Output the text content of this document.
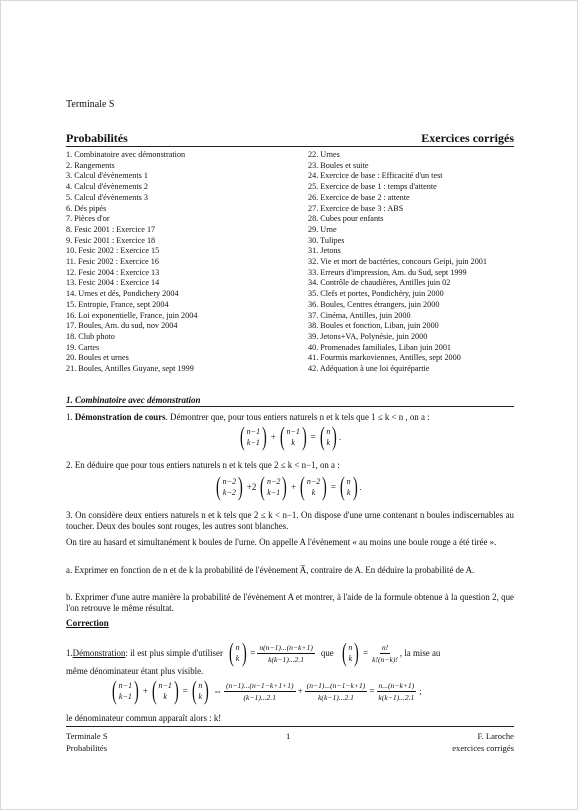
Terminale S
Probabilités	Exercices corrigés
1. Combinatoire avec démonstration
2. Rangements
3. Calcul d'évènements 1
4. Calcul d'évènements 2
5. Calcul d'évènements 3
6. Dés pipés
7. Pièces d'or
8. Fesic 2001 : Exercice 17
9. Fesic 2001 : Exercice 18
10. Fesic 2002 : Exercice 15
11. Fesic 2002 : Exercice 16
12. Fesic 2004 : Exercice 13
13. Fesic 2004 : Exercice 14
14. Urnes et dés, Pondichery 2004
15. Entropie, France, sept 2004
16. Loi exponentielle, France, juin 2004
17. Boules, Am. du sud, nov 2004
18. Club photo
19. Cartes
20. Boules et urnes
21. Boules, Antilles Guyane, sept 1999
22. Urnes
23. Boules et suite
24. Exercice de base : Efficacité d'un test
25. Exercice de base 1 : temps d'attente
26. Exercice de base 2 : attente
27. Exercice de base 3 : ABS
28. Cubes pour enfants
29. Urne
30. Tulipes
31. Jetons
32. Vie et mort de bactéries, concours Geipi, juin 2001
33. Erreurs d'impression, Am. du Sud, sept 1999
34. Contrôle de chaudières, Antilles juin 02
35. Clefs et portes, Pondichéry, juin 2000
36. Boules, Centres étrangers, juin 2000
37. Cinéma, Antilles, juin 2000
38. Boules et fonction, Liban, juin 2000
39. Jetons+VA, Polynésie, juin 2000
40. Promenades familiales, Liban juin 2001
41. Fourmis markoviennes, Antilles, sept 2000
42. Adéquation à une loi équirépartie
1. Combinatoire avec démonstration
1. Démonstration de cours. Démontrer que, pour tous entiers naturels n et k tels que 1 ≤ k < n , on a :
( n−1
k−1 ) + ( n−1
k ) = ( n
k ) .
2. En déduire que pour tous entiers naturels n et k tels que 2 ≤ k < n−1, on a :
( n−2
k−2 ) +2 ( n−2
k−1 ) + ( n−2
k ) = ( n
k ) .
3. On considère deux entiers naturels n et k tels que 2 ≤ k < n−1. On dispose d'une urne contenant n boules indiscernables au toucher. Deux des boules sont rouges, les autres sont blanches.
On tire au hasard et simultanément k boules de l'urne. On appelle A l'évènement « au moins une boule rouge a été tirée ».
a. Exprimer en fonction de n et de k la probabilité de l'évènement A̅, contraire de A. En déduire la probabilité de A.
b. Exprimer d'une autre manière la probabilité de l'évènement A et montrer, à l'aide de la formule obtenue à la question 2, que l'on retrouve le même résultat.
Correction
1. Démonstration : il est plus simple d'utiliser ( n
k ) = $\frac{n(n-1)...(n-k+1)}{k(k-1)...2.1}$ que ( n
k ) = $\frac{n!}{k!(n-k)!}$ , la mise au
même dénominateur étant plus visible.
( n−1
k−1 ) + ( n−1
k ) = ( n
k ) ⇔ $\frac{(n-1)...(n-1-k+1+1)}{(k-1)...2.1} + \frac{(n-1)...(n-1-k+1)}{k(k-1)...2.1} = \frac{n...(n-k+1)}{k(k-1)...2.1}$ ;
le dénominateur commun apparaît alors : k!
Terminale S
Probabilités
1	F. Laroche
exercices corrigés
